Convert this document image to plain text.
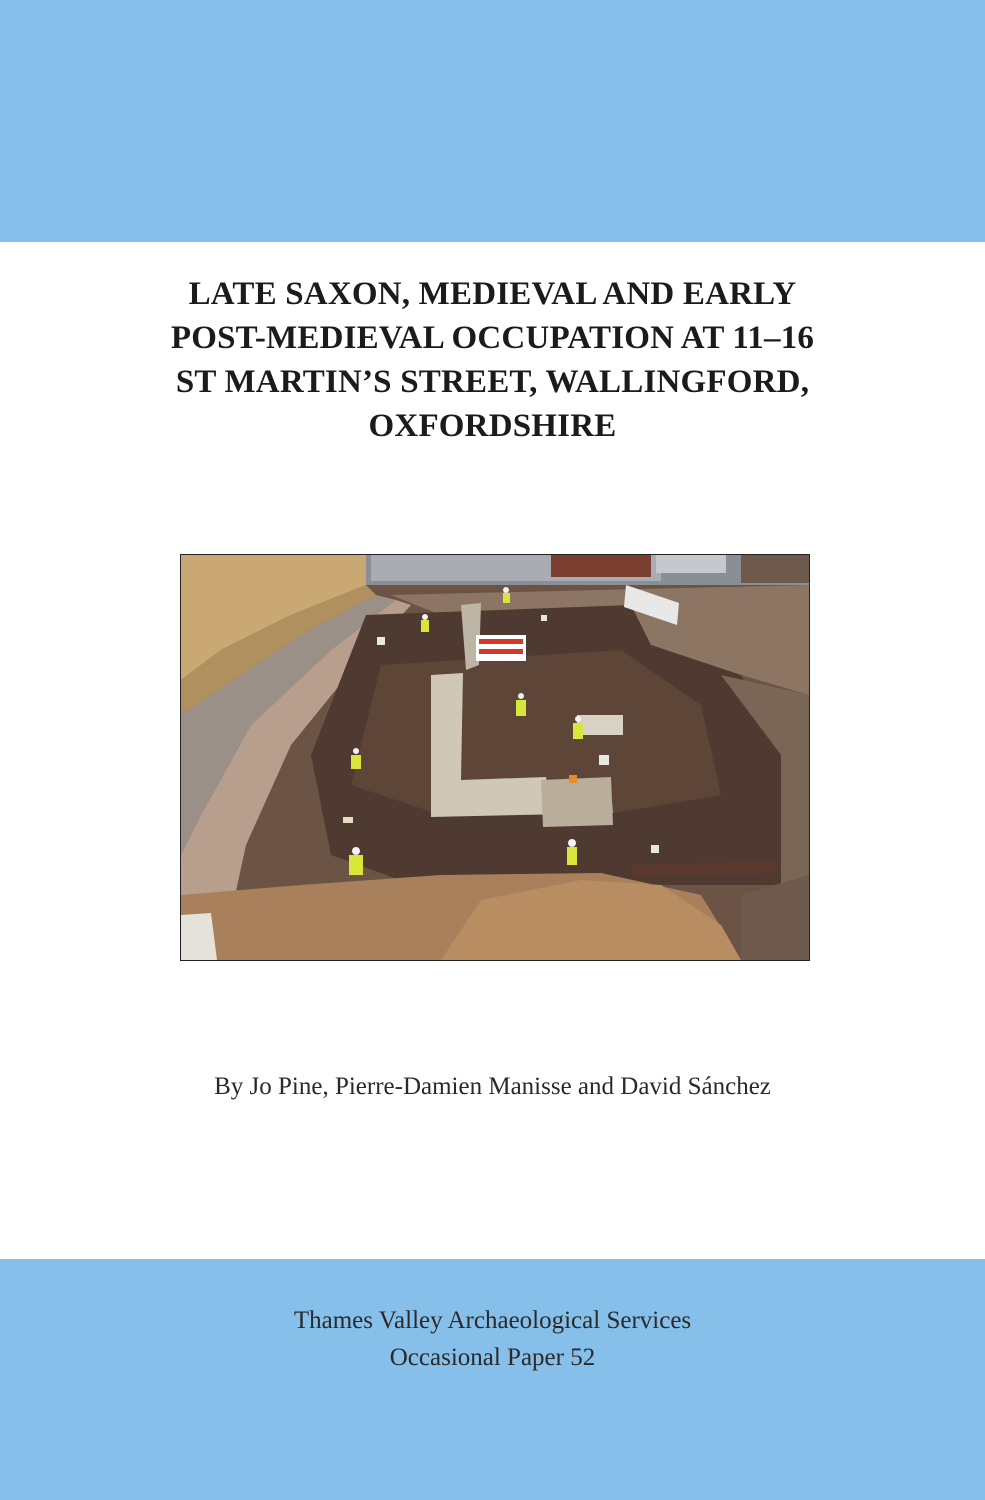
LATE SAXON, MEDIEVAL AND EARLY
POST-MEDIEVAL OCCUPATION AT 11–16
ST MARTIN’S STREET, WALLINGFORD,
OXFORDSHIRE
By Jo Pine, Pierre-Damien Manisse and David Sánchez
Thames Valley Archaeological Services
Occasional Paper 52
